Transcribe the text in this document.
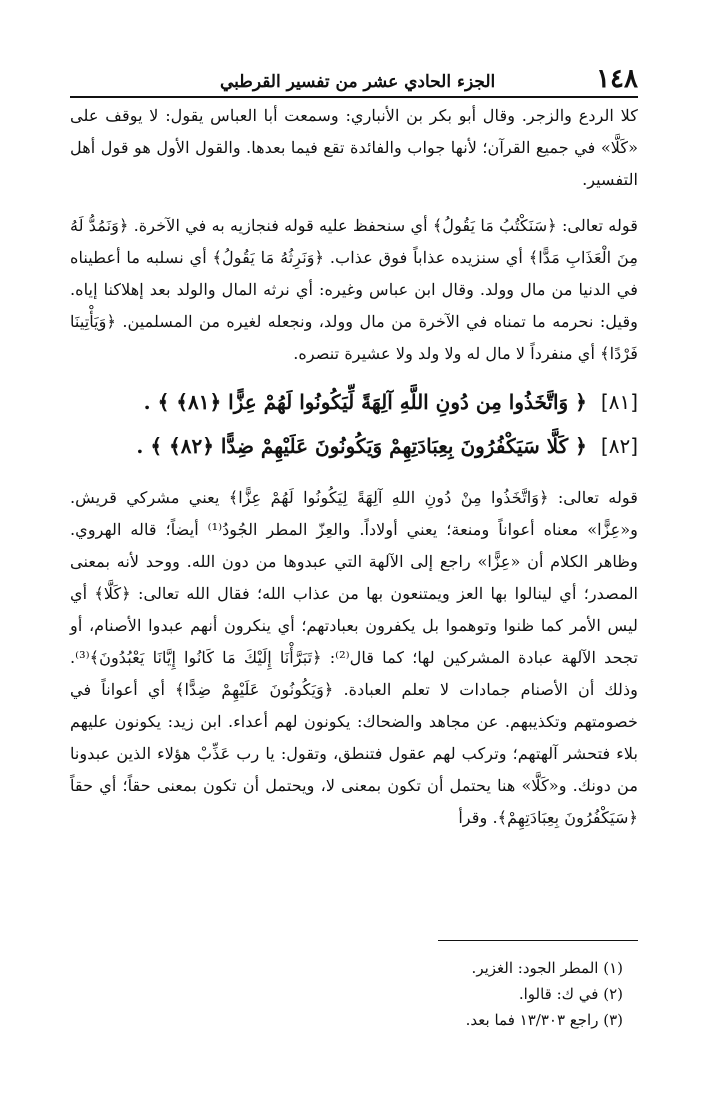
١٤٨
الجزء الحادي عشر من تفسير القرطبي

كلا الردع والزجر. وقال أبو بكر بن الأنباري: وسمعت أبا العباس يقول: لا يوقف على «كَلَّا» في جميع القرآن؛ لأنها جواب والفائدة تقع فيما بعدها. والقول الأول هو قول أهل التفسير.

قوله تعالى: ﴿سَنَكْتُبُ مَا يَقُولُ﴾ أي سنحفظ عليه قوله فنجازيه به في الآخرة. ﴿وَنَمُدُّ لَهُ مِنَ الْعَذَابِ مَدًّا﴾ أي سنزيده عذاباً فوق عذاب. ﴿وَنَرِثُهُ مَا يَقُولُ﴾ أي نسلبه ما أعطيناه في الدنيا من مال وولد. وقال ابن عباس وغيره: أي نرثه المال والولد بعد إهلاكنا إياه. وقيل: نحرمه ما تمناه في الآخرة من مال وولد، ونجعله لغيره من المسلمين. ﴿وَيَأْتِينَا فَرْدًا﴾ أي منفرداً لا مال له ولا ولد ولا عشيرة تنصره.

[٨١]
﴿ وَاتَّخَذُوا مِن دُونِ اللَّهِ آلِهَةً لِّيَكُونُوا لَهُمْ عِزًّا ﴿٨١﴾ ﴾ .
[٨٢]
﴿ كَلَّا سَيَكْفُرُونَ بِعِبَادَتِهِمْ وَيَكُونُونَ عَلَيْهِمْ ضِدًّا ﴿٨٢﴾ ﴾ .

قوله تعالى: ﴿وَاتَّخَذُوا مِنْ دُونِ اللهِ آلِهَةً لِيَكُونُوا لَهُمْ عِزًّا﴾ يعني مشركي قريش. و«عِزًّا» معناه أعواناً ومنعة؛ يعني أولاداً. والعِزّ المطر الجُودُ⁽¹⁾ أيضاً؛ قاله الهروي. وظاهر الكلام أن «عِزًّا» راجع إلى الآلهة التي عبدوها من دون الله. ووحد لأنه بمعنى المصدر؛ أي لينالوا بها العز ويمتنعون بها من عذاب الله؛ فقال الله تعالى: ﴿كَلَّا﴾ أي ليس الأمر كما ظنوا وتوهموا بل يكفرون بعبادتهم؛ أي ينكرون أنهم عبدوا الأصنام، أو تجحد الآلهة عبادة المشركين لها؛ كما قال⁽²⁾: ﴿تَبَرَّأْنَا إِلَيْكَ مَا كَانُوا إِيَّانَا يَعْبُدُونَ﴾⁽³⁾. وذلك أن الأصنام جمادات لا تعلم العبادة. ﴿وَيَكُونُونَ عَلَيْهِمْ ضِدًّا﴾ أي أعواناً في خصومتهم وتكذيبهم. عن مجاهد والضحاك: يكونون لهم أعداء. ابن زيد: يكونون عليهم بلاء فتحشر آلهتهم؛ وتركب لهم عقول فتنطق، وتقول: يا رب عَذِّبْ هؤلاء الذين عبدونا من دونك. و«كَلَّا» هنا يحتمل أن تكون بمعنى لا، ويحتمل أن تكون بمعنى حقاً؛ أي حقاً ﴿سَيَكْفُرُونَ بِعِبَادَتِهِمْ﴾. وقرأ

(١) المطر الجود: الغزير.
(٢) في ك: قالوا.
(٣) راجع ١٣/٣٠٣ فما بعد.
